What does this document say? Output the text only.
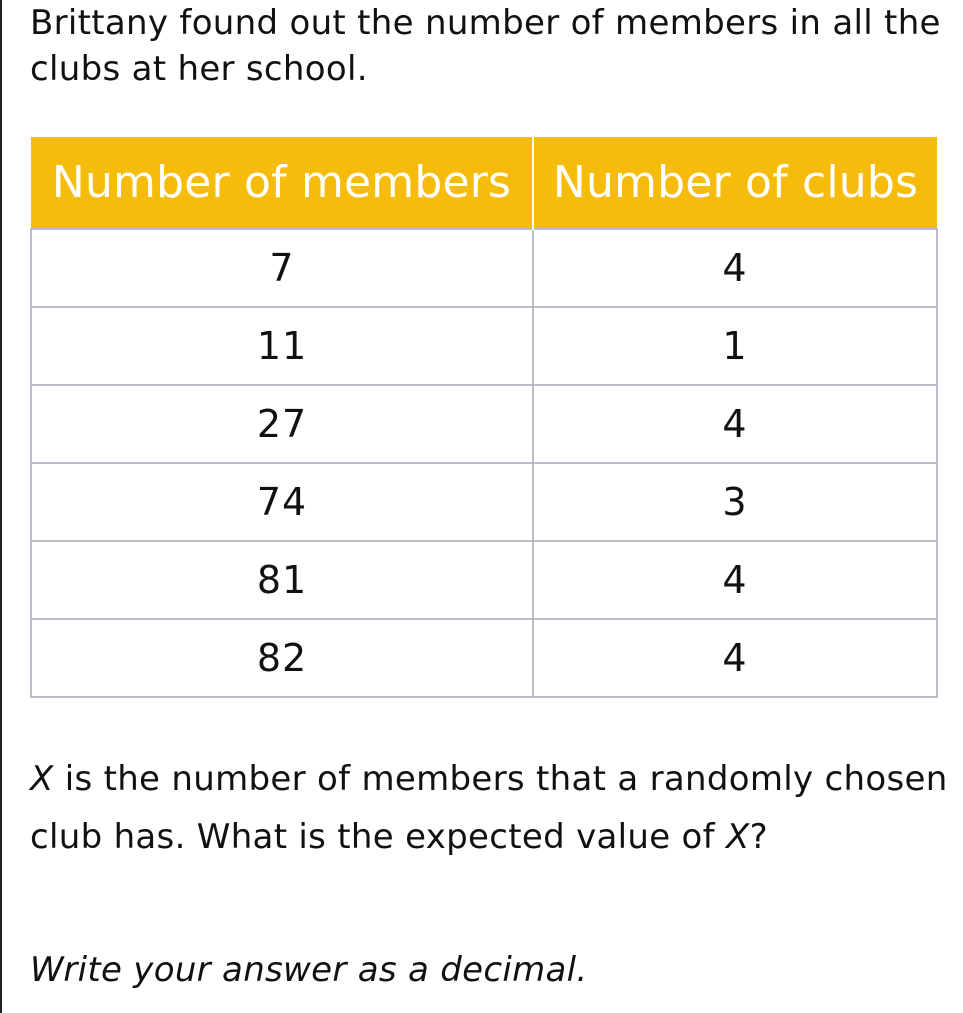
Brittany found out the number of members in all the clubs at her school.

Number of members	Number of clubs
7	4
11	1
27	4
74	3
81	4
82	4

X is the number of members that a randomly chosen club has. What is the expected value of X?

Write your answer as a decimal.
